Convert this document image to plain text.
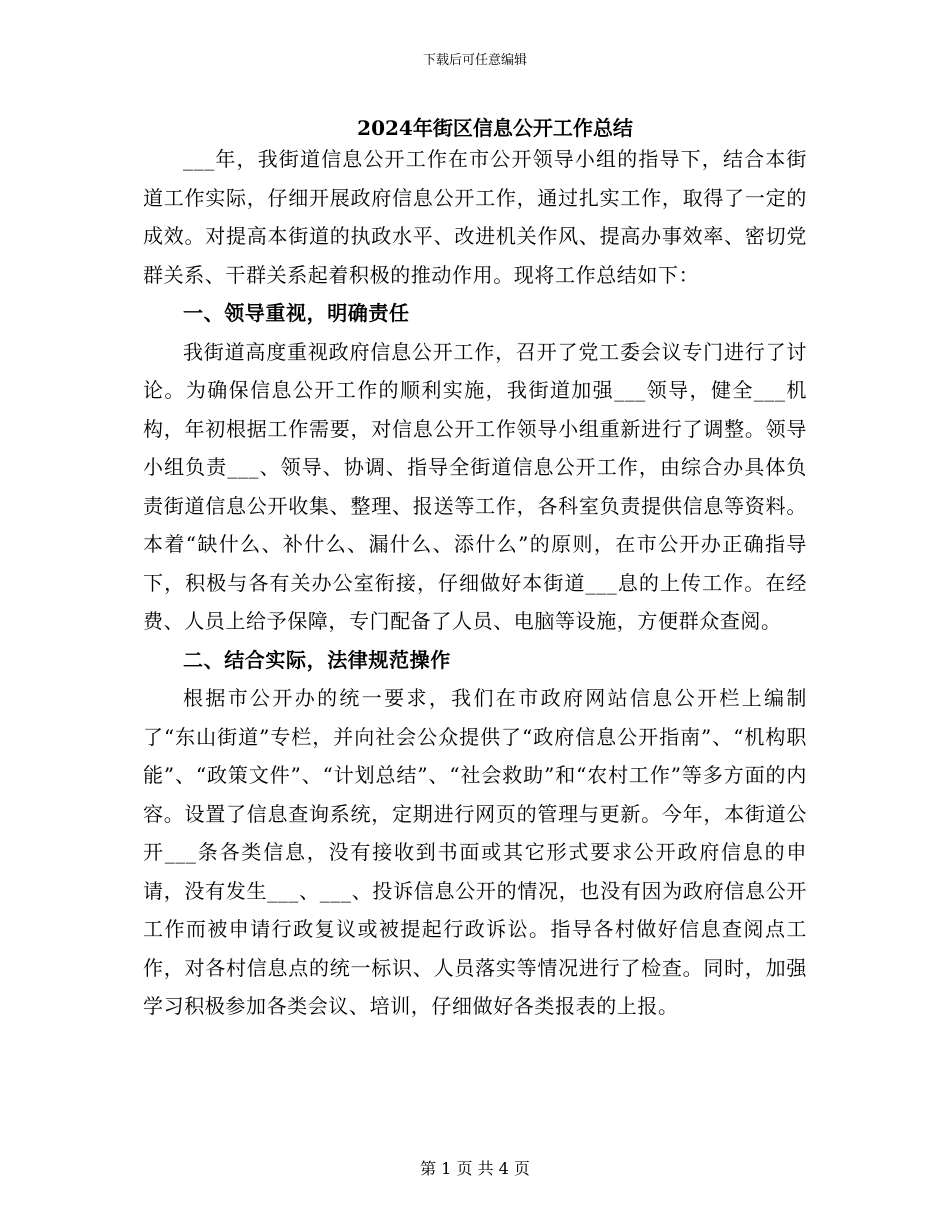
下载后可任意编辑
2024年街区信息公开工作总结

___年，我街道信息公开工作在市公开领导小组的指导下，结合本街道工作实际，仔细开展政府信息公开工作，通过扎实工作，取得了一定的成效。对提高本街道的执政水平、改进机关作风、提高办事效率、密切党群关系、干群关系起着积极的推动作用。现将工作总结如下：

一、领导重视，明确责任

我街道高度重视政府信息公开工作，召开了党工委会议专门进行了讨论。为确保信息公开工作的顺利实施，我街道加强___领导，健全___机构，年初根据工作需要，对信息公开工作领导小组重新进行了调整。领导小组负责___、领导、协调、指导全街道信息公开工作，由综合办具体负责街道信息公开收集、整理、报送等工作，各科室负责提供信息等资料。本着“缺什么、补什么、漏什么、添什么”的原则，在市公开办正确指导下，积极与各有关办公室衔接，仔细做好本街道___息的上传工作。在经费、人员上给予保障，专门配备了人员、电脑等设施，方便群众查阅。

二、结合实际，法律规范操作

根据市公开办的统一要求，我们在市政府网站信息公开栏上编制了“东山街道”专栏，并向社会公众提供了“政府信息公开指南”、“机构职能”、“政策文件”、“计划总结”、“社会救助”和“农村工作”等多方面的内容。设置了信息查询系统，定期进行网页的管理与更新。今年，本街道公开___条各类信息，没有接收到书面或其它形式要求公开政府信息的申请，没有发生___、___、投诉信息公开的情况，也没有因为政府信息公开工作而被申请行政复议或被提起行政诉讼。指导各村做好信息查阅点工作，对各村信息点的统一标识、人员落实等情况进行了检查。同时，加强学习积极参加各类会议、培训，仔细做好各类报表的上报。

第 1 页 共 4 页
